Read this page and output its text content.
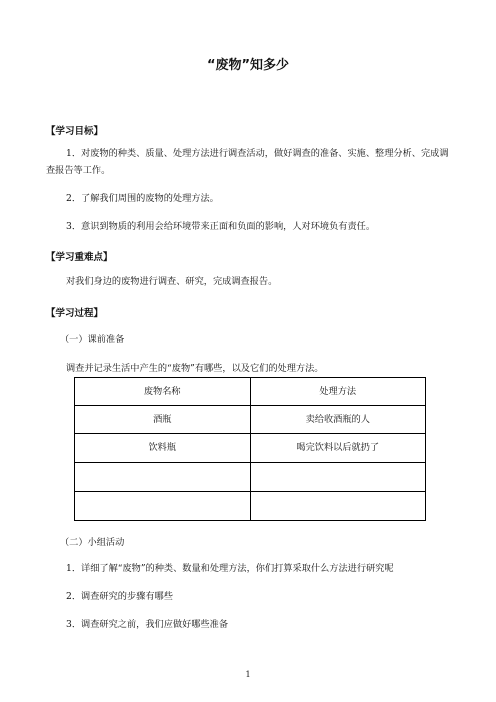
“废物”知多少
【学习目标】
1．对废物的种类、质量、处理方法进行调查活动，做好调查的准备、实施、整理分析、完成调查报告等工作。
2．了解我们周围的废物的处理方法。
3．意识到物质的利用会给环境带来正面和负面的影响，人对环境负有责任。
【学习重难点】
对我们身边的废物进行调查、研究，完成调查报告。
【学习过程】
（一）课前准备
调查并记录生活中产生的“废物”有哪些，以及它们的处理方法。
废物名称	处理方法
酒瓶	卖给收酒瓶的人
饮料瓶	喝完饮料以后就扔了

（二）小组活动
1．详细了解“废物”的种类、数量和处理方法，你们打算采取什么方法进行研究呢
2．调查研究的步骤有哪些
3．调查研究之前，我们应做好哪些准备
1
